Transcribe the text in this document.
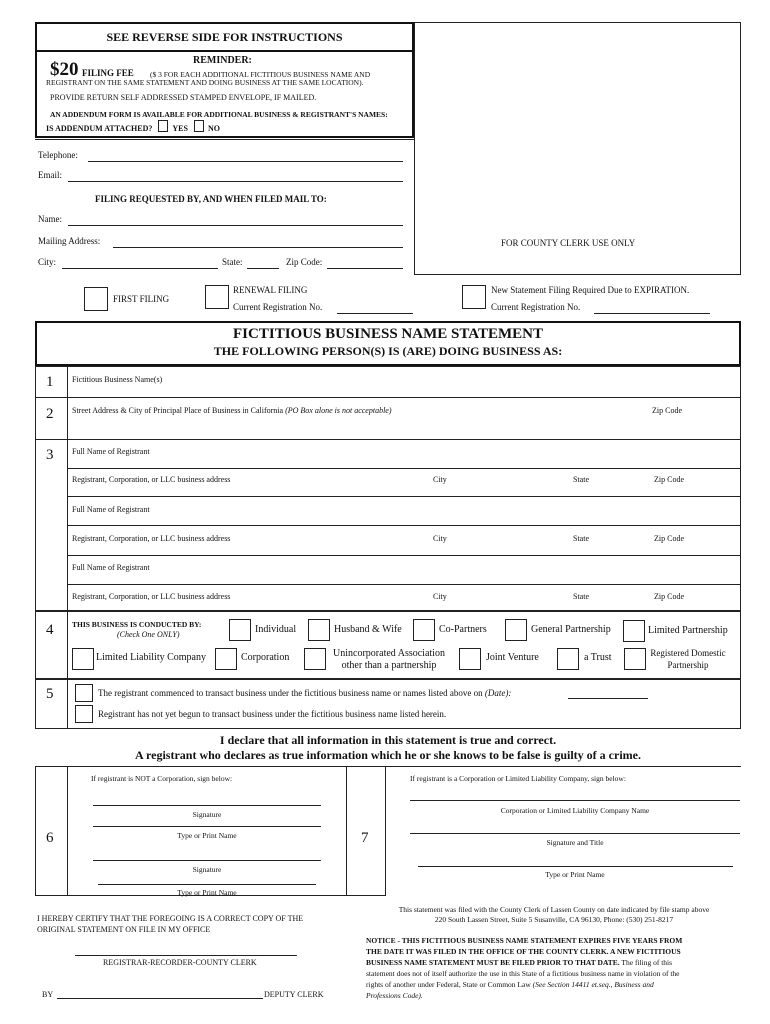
SEE REVERSE SIDE FOR INSTRUCTIONS
REMINDER:
$20 FILING FEE ($ 3 FOR EACH ADDITIONAL FICTITIOUS BUSINESS NAME AND
REGISTRANT ON THE SAME STATEMENT AND DOING BUSINESS AT THE SAME LOCATION).
PROVIDE RETURN SELF ADDRESSED STAMPED ENVELOPE, IF MAILED.
AN ADDENDUM FORM IS AVAILABLE FOR ADDITIONAL BUSINESS & REGISTRANT'S NAMES:
IS ADDENDUM ATTACHED?	YES	NO
Telephone:
Email:
FILING REQUESTED BY, AND WHEN FILED MAIL TO:
Name:
Mailing Address:
City:	State:	Zip Code:
FOR COUNTY CLERK USE ONLY
FIRST FILING
RENEWAL FILING
Current Registration No.
New Statement Filing Required Due to EXPIRATION.
Current Registration No.
FICTITIOUS BUSINESS NAME STATEMENT
THE FOLLOWING PERSON(S) IS (ARE) DOING BUSINESS AS:
1 Fictitious Business Name(s)
2 Street Address & City of Principal Place of Business in California (PO Box alone is not acceptable)	Zip Code
3 Full Name of Registrant
Registrant, Corporation, or LLC business address	City	State	Zip Code
Full Name of Registrant
Registrant, Corporation, or LLC business address	City	State	Zip Code
Full Name of Registrant
Registrant, Corporation, or LLC business address	City	State	Zip Code
4 THIS BUSINESS IS CONDUCTED BY:
(Check One ONLY)	Individual	Husband & Wife	Co-Partners	General Partnership	Limited Partnership
Limited Liability Company	Corporation	Unincorporated Association
other than a partnership
Joint Venture	a Trust	Registered Domestic
Partnership
5	The registrant commenced to transact business under the fictitious business name or names listed above on (Date):
Registrant has not yet begun to transact business under the fictitious business name listed herein.
I declare that all information in this statement is true and correct.
A registrant who declares as true information which he or she knows to be false is guilty of a crime.
6	7
If registrant is NOT a Corporation, sign below:
Signature
Type or Print Name
Signature
Type or Print Name
If registrant is a Corporation or Limited Liability Company, sign below:
Corporation or Limited Liability Company Name
Signature and Title
Type or Print Name
I HEREBY CERTIFY THAT THE FOREGOING IS A CORRECT COPY OF THE
ORIGINAL STATEMENT ON FILE IN MY OFFICE
REGISTRAR-RECORDER-COUNTY CLERK
BY	DEPUTY CLERK
This statement was filed with the County Clerk of Lassen County on date indicated by file stamp above
220 South Lassen Street, Suite 5 Susanville, CA 96130, Phone: (530) 251-8217
NOTICE - THIS FICTITIOUS BUSINESS NAME STATEMENT EXPIRES FIVE YEARS FROM
THE DATE IT WAS FILED IN THE OFFICE OF THE COUNTY CLERK. A NEW FICTITIOUS
BUSINESS NAME STATEMENT MUST BE FILED PRIOR TO THAT DATE. The filing of this
statement does not of itself authorize the use in this State of a fictitious business name in violation of the
rights of another under Federal, State or Common Law (See Section 14411 et.seq., Business and
Professions Code).
